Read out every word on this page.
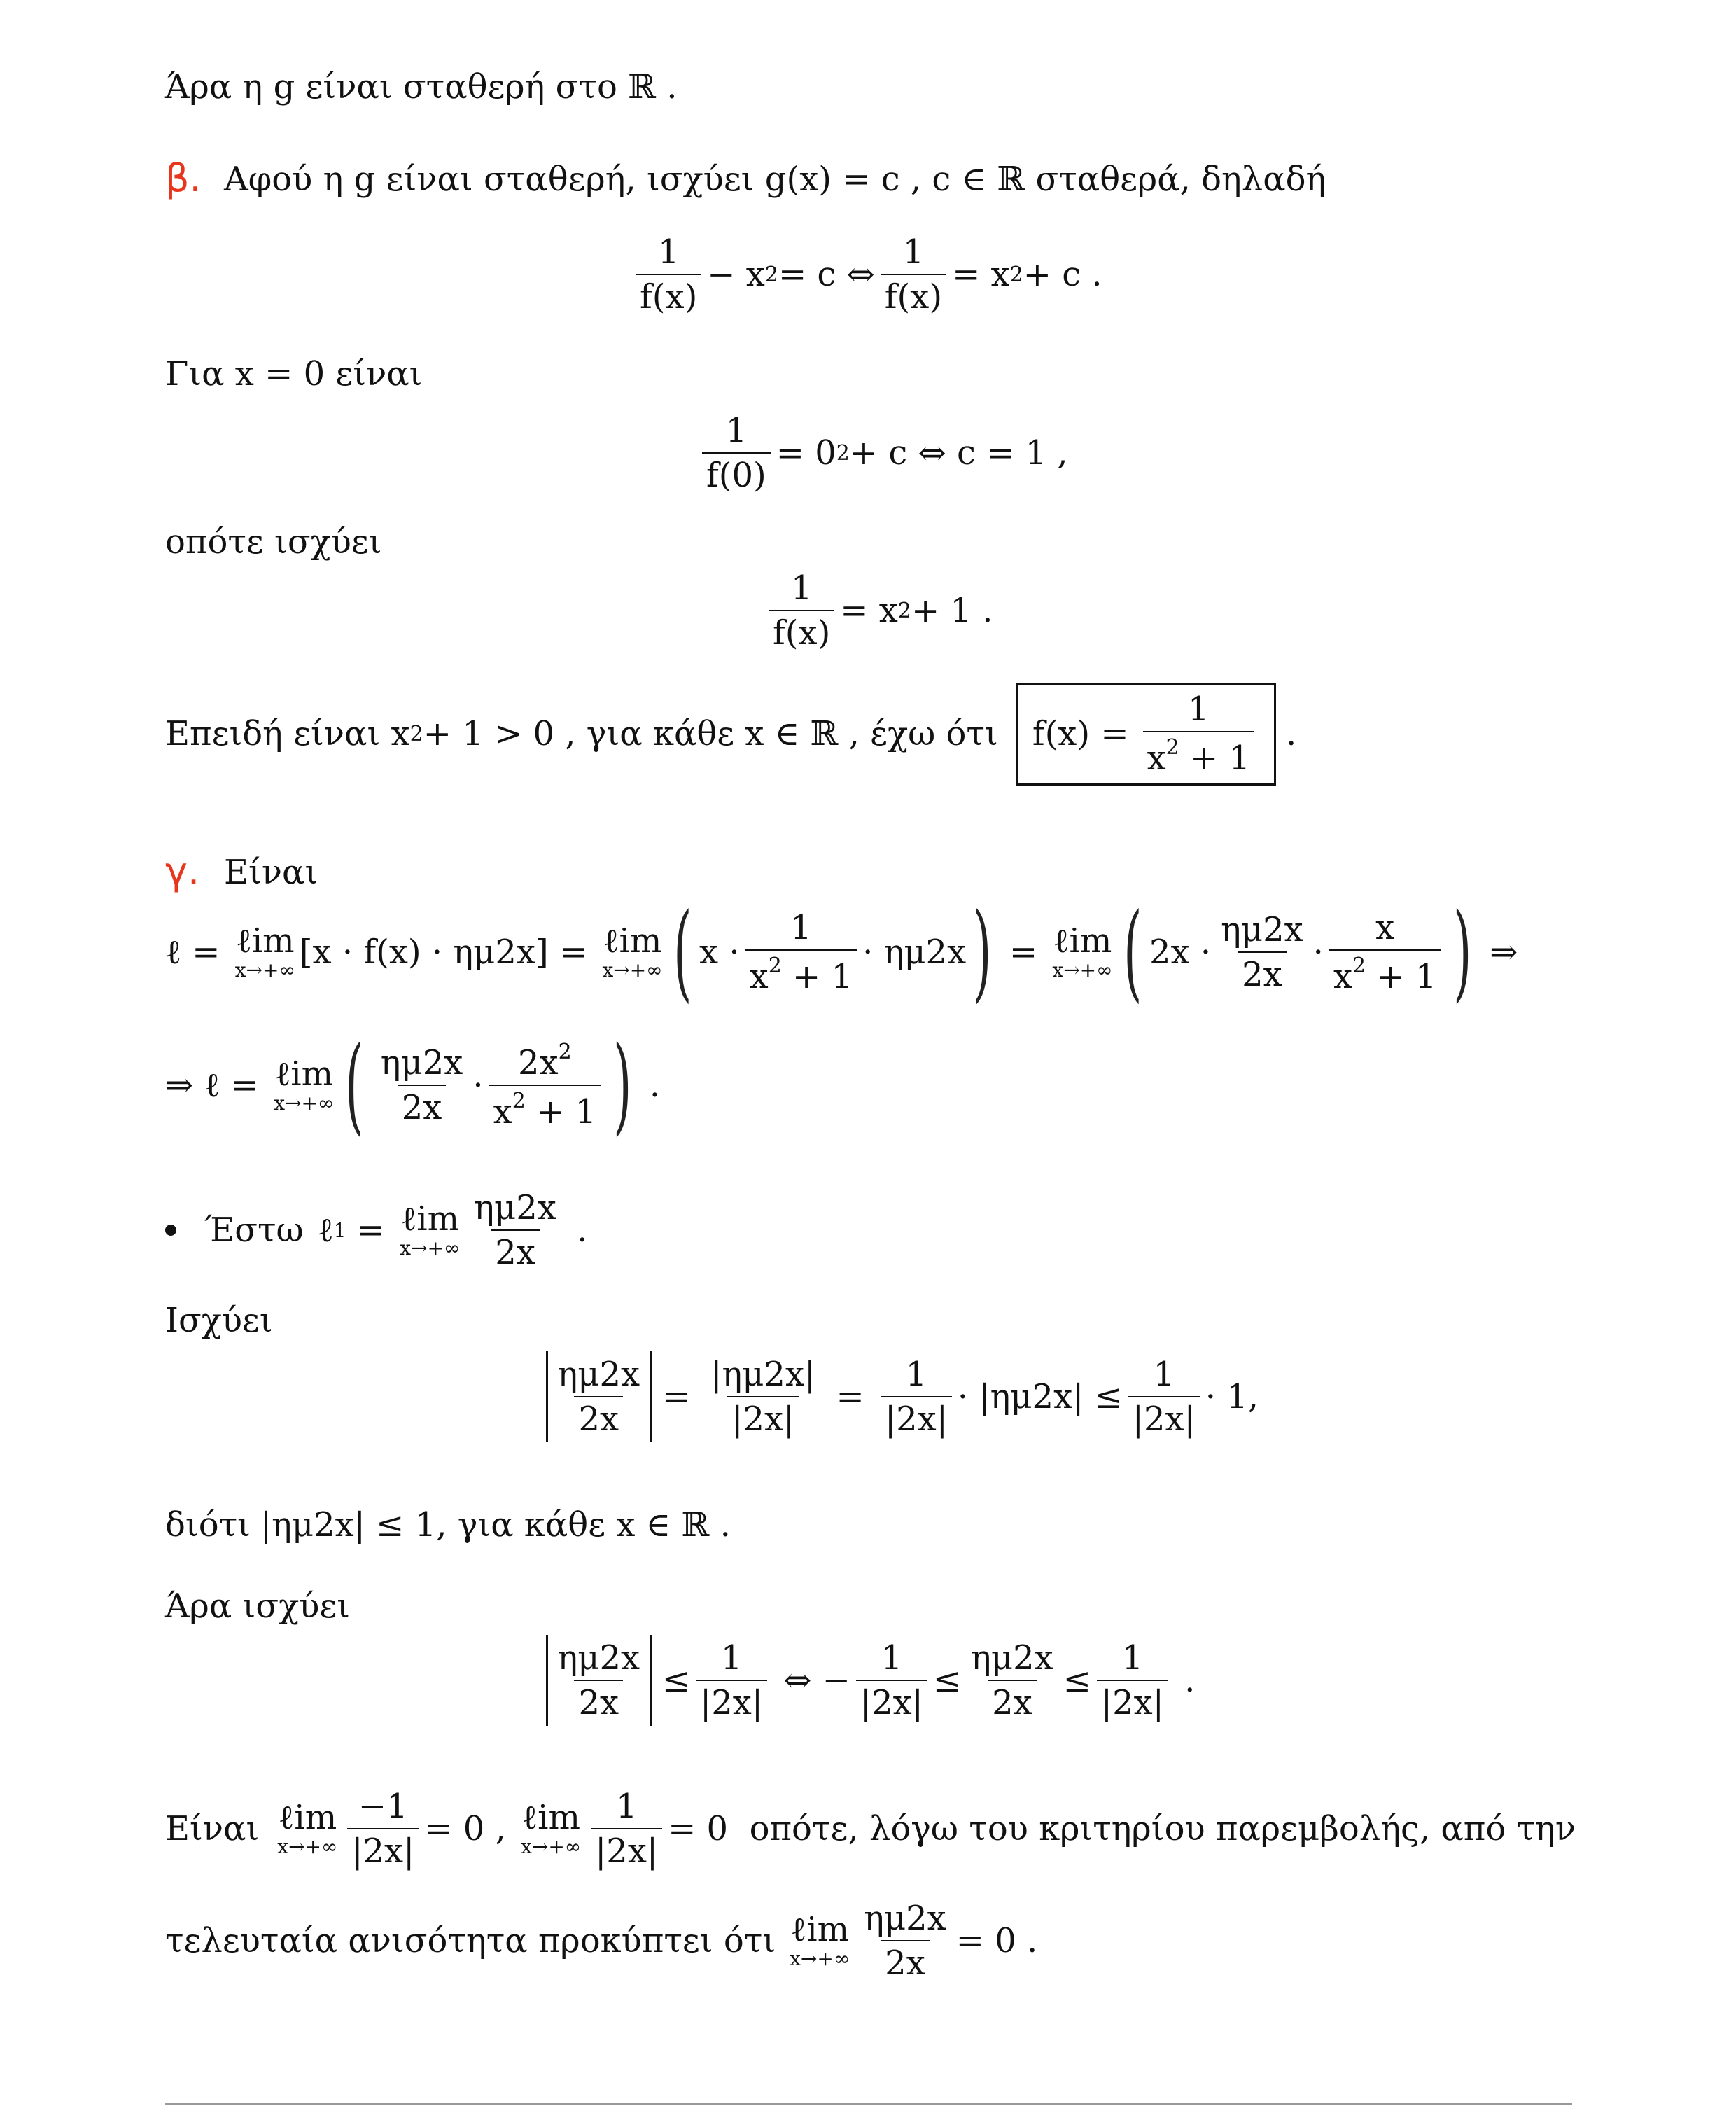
Άρα η g είναι σταθερή στο ℝ .
β. Αφού η g είναι σταθερή, ισχύει g(x) = c , c ∈ ℝ σταθερά, δηλαδή
$\frac{1}{f(x)} - x$ 2 = c ⇔ $\frac{1}{f(x)} = x$ 2 + c .
Για x = 0 είναι
$\frac{1}{f(0)} = 0$ 2 + c ⇔ c = 1 ,
οπότε ισχύει
$\frac{1}{f(x)} = x$ 2 + 1 .
Επειδή είναι x 2 + 1 > 0 , για κάθε x ∈ ℝ , έχω ότι $f(x) = \frac{1}{x^2 + 1}$ .
γ. Είναι
ℓ = ℓim
x→+∞ [x · f(x) · ημ2x] = ℓim
x→+∞ ( $x \cdot \frac{1}{x^2 + 1} \cdot \eta\mu 2x$ ) = ℓim
x→+∞ ( $2x \cdot \frac{\eta\mu 2x}{2x} \cdot \frac{x}{x^2 + 1}$ ) ⇒
⇒ ℓ = ℓim
x→+∞ ( $\frac{\eta\mu 2x}{2x} \cdot \frac{2x^2}{x^2 + 1}$ ) .
Έστω ℓ 1 = ℓim
$x\to+\infty \frac{\eta\mu 2x}{2x}$ .
Ισχύει
$\frac{\eta\mu 2x}{2x} = \frac{|\eta\mu 2x|}{|2x|} = \frac{1}{|2x|} \cdot |\eta\mu 2x| \le \frac{1}{|2x|} \cdot 1$,
διότι |ημ2x| ≤ 1, για κάθε x ∈ ℝ .
Άρα ισχύει
$\frac{\eta\mu 2x}{2x} \le \frac{1}{|2x|}$ ⇔ − $\frac{1}{|2x|} \le \frac{\eta\mu 2x}{2x} \le \frac{1}{|2x|}$ .
Είναι ℓim
$x\to+\infty \frac{-1}{|2x|} = 0$ , ℓim
$x\to+\infty \frac{1}{|2x|} = 0$ οπότε, λόγω του κριτηρίου παρεμβολής, από την
τελευταία ανισότητα προκύπτει ότι ℓim
$x\to+\infty \frac{\eta\mu 2x}{2x} = 0$ .
